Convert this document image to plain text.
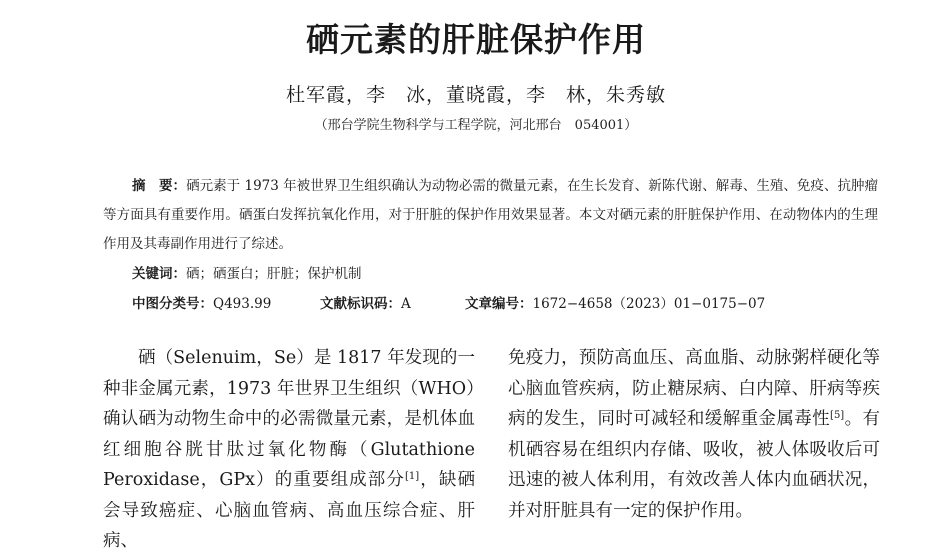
硒元素的肝脏保护作用
杜军霞，李　冰，董晓霞，李　林，朱秀敏
（邢台学院生物科学与工程学院，河北邢台　054001）
摘　要：硒元素于 1973 年被世界卫生组织确认为动物必需的微量元素，在生长发育、新陈代谢、解毒、生殖、免疫、抗肿瘤等方面具有重要作用。硒蛋白发挥抗氧化作用，对于肝脏的保护作用效果显著。本文对硒元素的肝脏保护作用、在动物体内的生理作用及其毒副作用进行了综述。
关键词：硒；硒蛋白；肝脏；保护机制
中图分类号：Q493.99	文献标识码：A	文章编号：1672−4658（2023）01−0175−07
硒（Selenuim，Se）是 1817 年发现的一种非金属元素，1973 年世界卫生组织（WHO）确认硒为动物生命中的必需微量元素，是机体血红细胞谷胱甘肽过氧化物酶（Glutathione Peroxidase，GPx）的重要组成部分[1]，缺硒会导致癌症、心脑血管病、高血压综合症、肝病、
免疫力，预防高血压、高血脂、动脉粥样硬化等心脑血管疾病，防止糖尿病、白内障、肝病等疾病的发生，同时可减轻和缓解重金属毒性[5]。有机硒容易在组织内存储、吸收，被人体吸收后可迅速的被人体利用，有效改善人体内血硒状况，并对肝脏具有一定的保护作用。
